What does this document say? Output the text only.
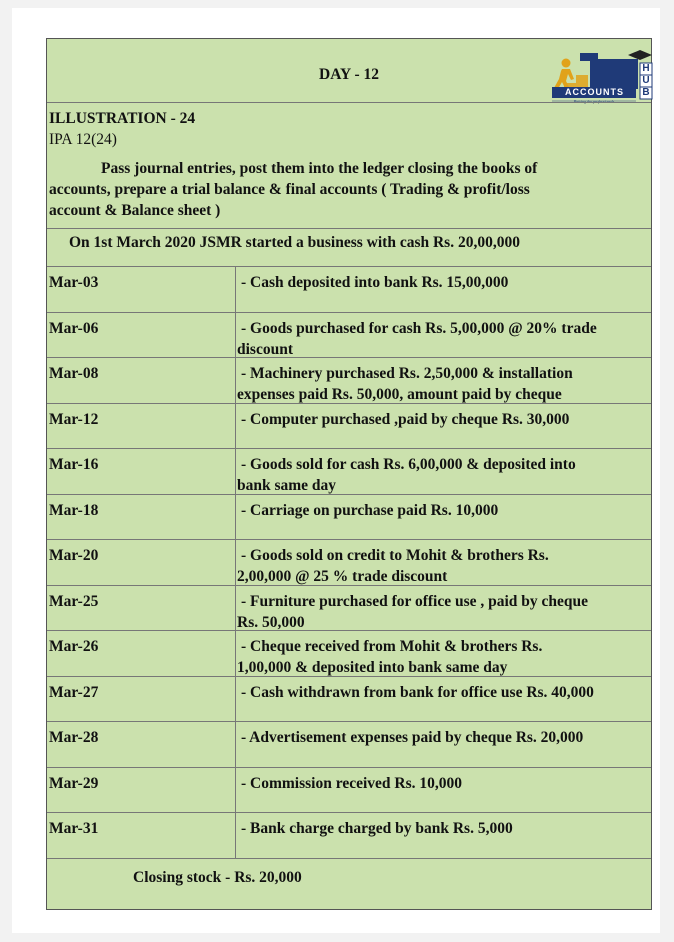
DAY - 12
ACCOUNTS
H
U
B
Raising the professionals
ILLUSTRATION - 24
IPA 12(24)
Pass journal entries, post them into the ledger closing the books of
accounts, prepare a trial balance & final accounts ( Trading & profit/loss
account & Balance sheet )
On 1st March 2020 JSMR started a business with cash Rs. 20,00,000
Mar-03	- Cash deposited into bank Rs. 15,00,000
Mar-06	- Goods purchased for cash Rs. 5,00,000 @ 20% trade
discount
Mar-08	- Machinery purchased Rs. 2,50,000 & installation
expenses paid Rs. 50,000, amount paid by cheque
Mar-12	- Computer purchased ,paid by cheque Rs. 30,000
Mar-16	- Goods sold for cash Rs. 6,00,000 & deposited into
bank same day
Mar-18	- Carriage on purchase paid Rs. 10,000
Mar-20	- Goods sold on credit to Mohit & brothers Rs.
2,00,000 @ 25 % trade discount
Mar-25	- Furniture purchased for office use , paid by cheque
Rs. 50,000
Mar-26	- Cheque received from Mohit & brothers Rs.
1,00,000 & deposited into bank same day
Mar-27	- Cash withdrawn from bank for office use Rs. 40,000
Mar-28	- Advertisement expenses paid by cheque Rs. 20,000
Mar-29	- Commission received Rs. 10,000
Mar-31	- Bank charge charged by bank Rs. 5,000
Closing stock - Rs. 20,000
